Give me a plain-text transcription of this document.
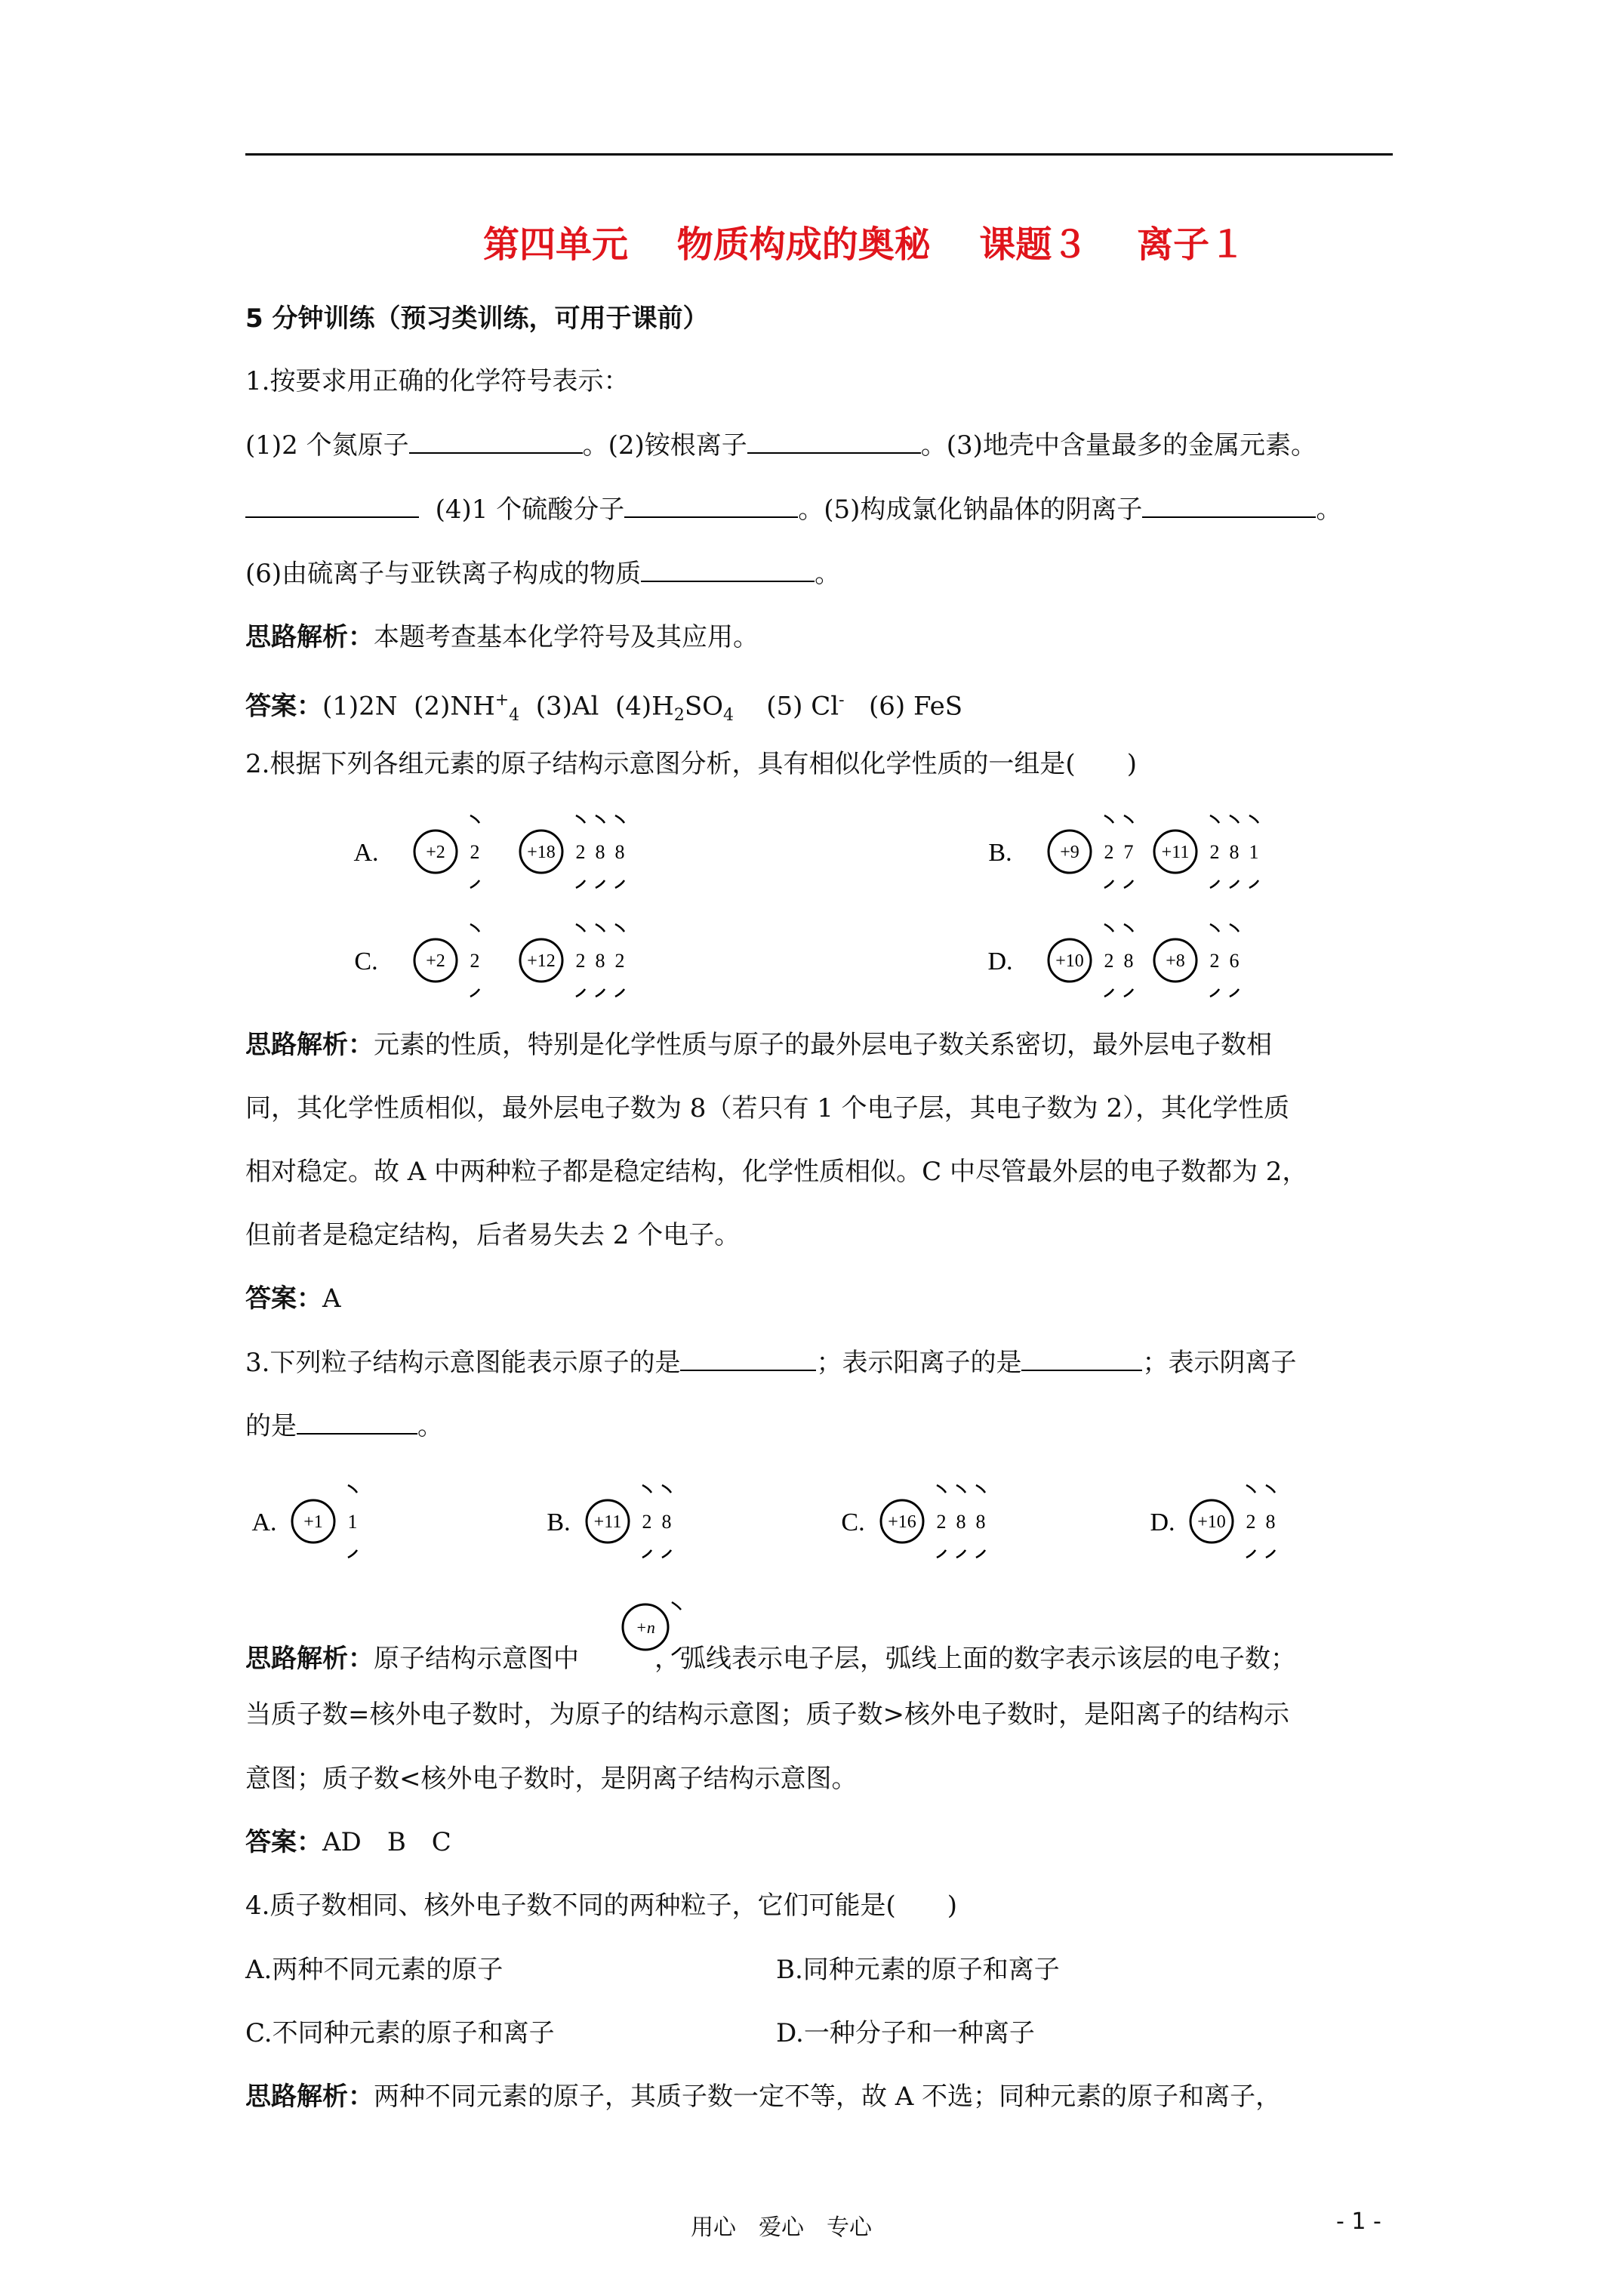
第四单元　 物质构成的奥秘　 课题３　 离子１
5 分钟训练（预习类训练，可用于课前）
1.按要求用正确的化学符号表示：
(1)2 个氮原子	。(2)铵根离子	。(3)地壳中含量最多的金属元素。
(4)1 个硫酸分子	。(5)构成氯化钠晶体的阴离子	。
(6)由硫离子与亚铁离子构成的物质	。
思路解析：本题考查基本化学符号及其应用。
答案：(1)2N $(2)NH^+_4$ (3)Al $(4)H_2SO_4$ (5) Cl- (6) FeS
2.根据下列各组元素的原子结构示意图分析，具有相似化学性质的一组是(　　)
A.	+2 2	+18 2 8 8	B.	+9 2 7 +11 2 8 1
C.	+2 2	+12 2 8 2	D. +10 2 8 +8 2 6
思路解析：元素的性质，特别是化学性质与原子的最外层电子数关系密切，最外层电子数相
同，其化学性质相似，最外层电子数为 8（若只有 1 个电子层，其电子数为 2），其化学性质
相对稳定。故 A 中两种粒子都是稳定结构，化学性质相似。C 中尽管最外层的电子数都为 2，
但前者是稳定结构，后者易失去 2 个电子。
答案：A
3.下列粒子结构示意图能表示原子的是	；表示阳离子的是	；表示阴离子
的是	。
A. +1 1	B. +11 2 8	C. +16 2 8 8	D. +10 2 8
思路解析：原子结构示意图中	，弧线表示电子层，弧线上面的数字表示该层的电子数；
+n
当质子数=核外电子数时，为原子的结构示意图；质子数>核外电子数时，是阳离子的结构示
意图；质子数<核外电子数时，是阴离子结构示意图。
答案：AD　B　C
4.质子数相同、核外电子数不同的两种粒子，它们可能是(　　)
A.两种不同元素的原子	B.同种元素的原子和离子
C.不同种元素的原子和离子	D.一种分子和一种离子
思路解析：两种不同元素的原子，其质子数一定不等，故 A 不选；同种元素的原子和离子，
用心　爱心　专心	- 1 -
